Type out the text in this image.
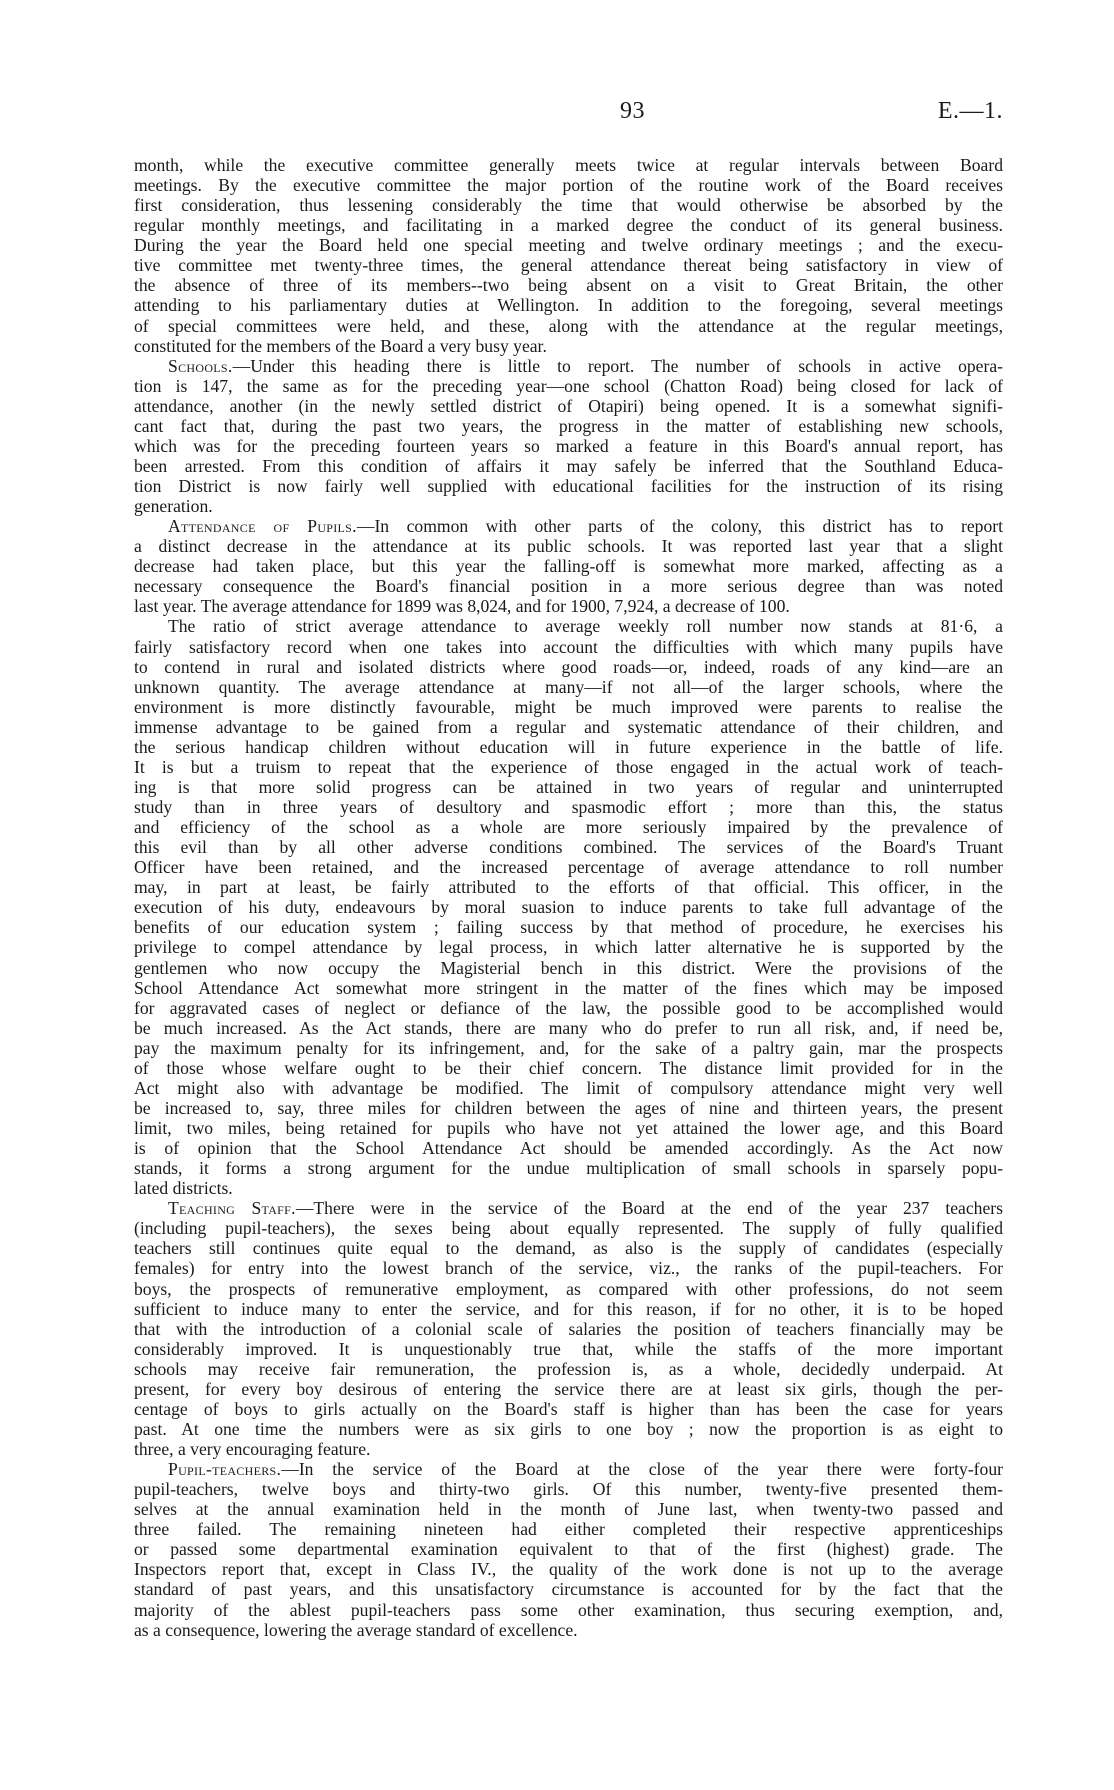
93	E.—1.
month, while the executive committee generally meets twice at regular intervals between Board
meetings. By the executive committee the major portion of the routine work of the Board receives
first consideration, thus lessening considerably the time that would otherwise be absorbed by the
regular monthly meetings, and facilitating in a marked degree the conduct of its general business.
During the year the Board held one special meeting and twelve ordinary meetings ; and the execu-
tive committee met twenty-three times, the general attendance thereat being satisfactory in view of
the absence of three of its members--two being absent on a visit to Great Britain, the other
attending to his parliamentary duties at Wellington. In addition to the foregoing, several meetings
of special committees were held, and these, along with the attendance at the regular meetings,
constituted for the members of the Board a very busy year.
Schools.—Under this heading there is little to report. The number of schools in active opera-
tion is 147, the same as for the preceding year—one school (Chatton Road) being closed for lack of
attendance, another (in the newly settled district of Otapiri) being opened. It is a somewhat signifi-
cant fact that, during the past two years, the progress in the matter of establishing new schools,
which was for the preceding fourteen years so marked a feature in this Board's annual report, has
been arrested. From this condition of affairs it may safely be inferred that the Southland Educa-
tion District is now fairly well supplied with educational facilities for the instruction of its rising
generation.
Attendance of Pupils.—In common with other parts of the colony, this district has to report
a distinct decrease in the attendance at its public schools. It was reported last year that a slight
decrease had taken place, but this year the falling-off is somewhat more marked, affecting as a
necessary consequence the Board's financial position in a more serious degree than was noted
last year. The average attendance for 1899 was 8,024, and for 1900, 7,924, a decrease of 100.
The ratio of strict average attendance to average weekly roll number now stands at 81·6, a
fairly satisfactory record when one takes into account the difficulties with which many pupils have
to contend in rural and isolated districts where good roads—or, indeed, roads of any kind—are an
unknown quantity. The average attendance at many—if not all—of the larger schools, where the
environment is more distinctly favourable, might be much improved were parents to realise the
immense advantage to be gained from a regular and systematic attendance of their children, and
the serious handicap children without education will in future experience in the battle of life.
It is but a truism to repeat that the experience of those engaged in the actual work of teach-
ing is that more solid progress can be attained in two years of regular and uninterrupted
study than in three years of desultory and spasmodic effort ; more than this, the status
and efficiency of the school as a whole are more seriously impaired by the prevalence of
this evil than by all other adverse conditions combined. The services of the Board's Truant
Officer have been retained, and the increased percentage of average attendance to roll number
may, in part at least, be fairly attributed to the efforts of that official. This officer, in the
execution of his duty, endeavours by moral suasion to induce parents to take full advantage of the
benefits of our education system ; failing success by that method of procedure, he exercises his
privilege to compel attendance by legal process, in which latter alternative he is supported by the
gentlemen who now occupy the Magisterial bench in this district. Were the provisions of the
School Attendance Act somewhat more stringent in the matter of the fines which may be imposed
for aggravated cases of neglect or defiance of the law, the possible good to be accomplished would
be much increased. As the Act stands, there are many who do prefer to run all risk, and, if need be,
pay the maximum penalty for its infringement, and, for the sake of a paltry gain, mar the prospects
of those whose welfare ought to be their chief concern. The distance limit provided for in the
Act might also with advantage be modified. The limit of compulsory attendance might very well
be increased to, say, three miles for children between the ages of nine and thirteen years, the present
limit, two miles, being retained for pupils who have not yet attained the lower age, and this Board
is of opinion that the School Attendance Act should be amended accordingly. As the Act now
stands, it forms a strong argument for the undue multiplication of small schools in sparsely popu-
lated districts.
Teaching Staff.—There were in the service of the Board at the end of the year 237 teachers
(including pupil-teachers), the sexes being about equally represented. The supply of fully qualified
teachers still continues quite equal to the demand, as also is the supply of candidates (especially
females) for entry into the lowest branch of the service, viz., the ranks of the pupil-teachers. For
boys, the prospects of remunerative employment, as compared with other professions, do not seem
sufficient to induce many to enter the service, and for this reason, if for no other, it is to be hoped
that with the introduction of a colonial scale of salaries the position of teachers financially may be
considerably improved. It is unquestionably true that, while the staffs of the more important
schools may receive fair remuneration, the profession is, as a whole, decidedly underpaid. At
present, for every boy desirous of entering the service there are at least six girls, though the per-
centage of boys to girls actually on the Board's staff is higher than has been the case for years
past. At one time the numbers were as six girls to one boy ; now the proportion is as eight to
three, a very encouraging feature.
Pupil-teachers.—In the service of the Board at the close of the year there were forty-four
pupil-teachers, twelve boys and thirty-two girls. Of this number, twenty-five presented them-
selves at the annual examination held in the month of June last, when twenty-two passed and
three failed. The remaining nineteen had either completed their respective apprenticeships
or passed some departmental examination equivalent to that of the first (highest) grade. The
Inspectors report that, except in Class IV., the quality of the work done is not up to the average
standard of past years, and this unsatisfactory circumstance is accounted for by the fact that the
majority of the ablest pupil-teachers pass some other examination, thus securing exemption, and,
as a consequence, lowering the average standard of excellence.
